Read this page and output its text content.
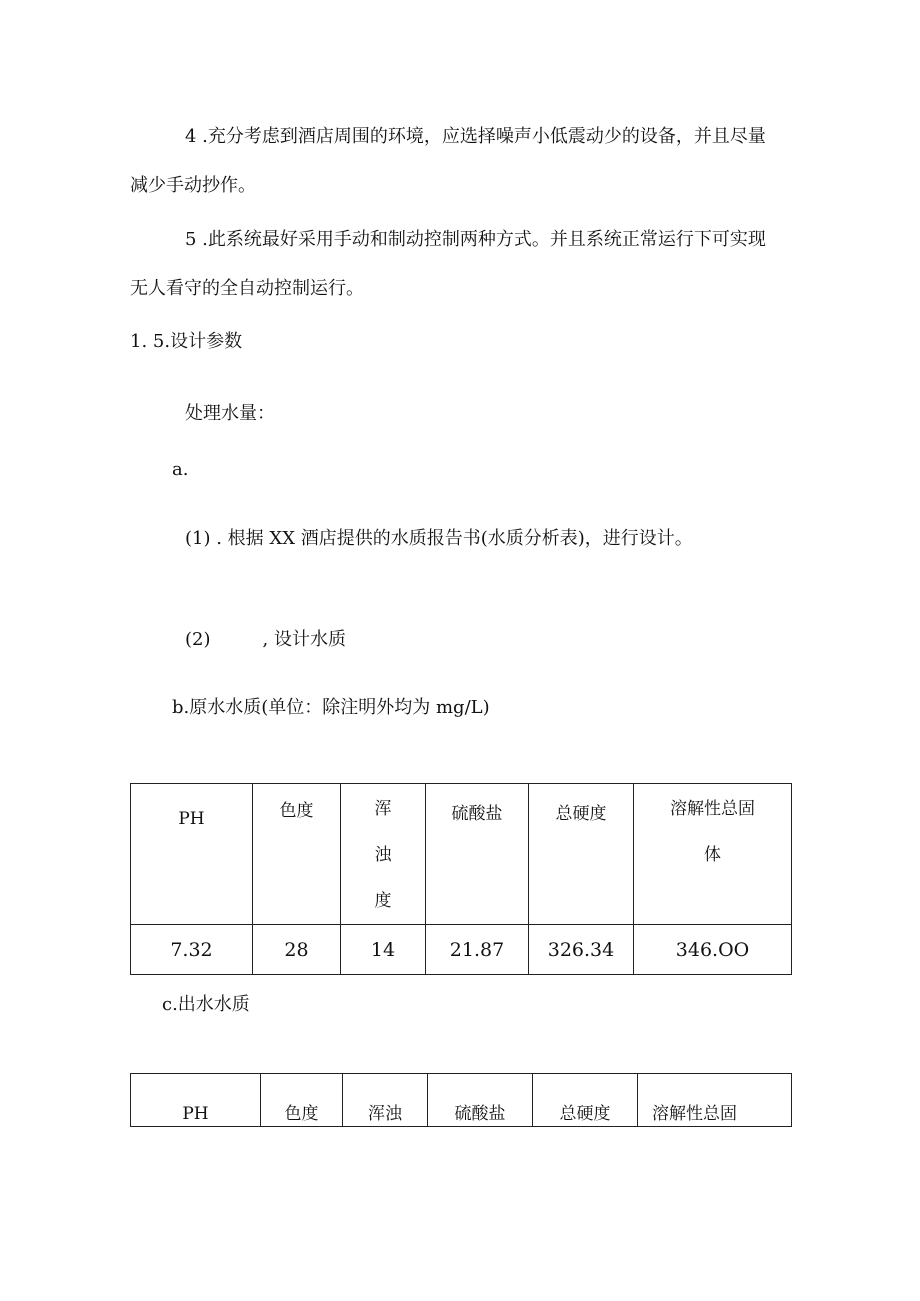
4 .充分考虑到酒店周围的环境，应选择噪声小低震动少的设备，并且尽量
减少手动抄作。
5 .此系统最好采用手动和制动控制两种方式。并且系统正常运行下可实现
无人看守的全自动控制运行。
1. 5.设计参数
处理水量：
a.
(1) . 根据 XX 酒店提供的水质报告书(水质分析表)，进行设计。
(2)	, 设计水质
b.原水水质(单位：除注明外均为 mg/L)
PH	色度	浑浊度	硫酸盐	总硬度	溶解性总固体
7.32	28	14	21.87	326.34	346.OO
c.出水水质
PH	色度	浑浊	硫酸盐	总硬度	溶解性总固
